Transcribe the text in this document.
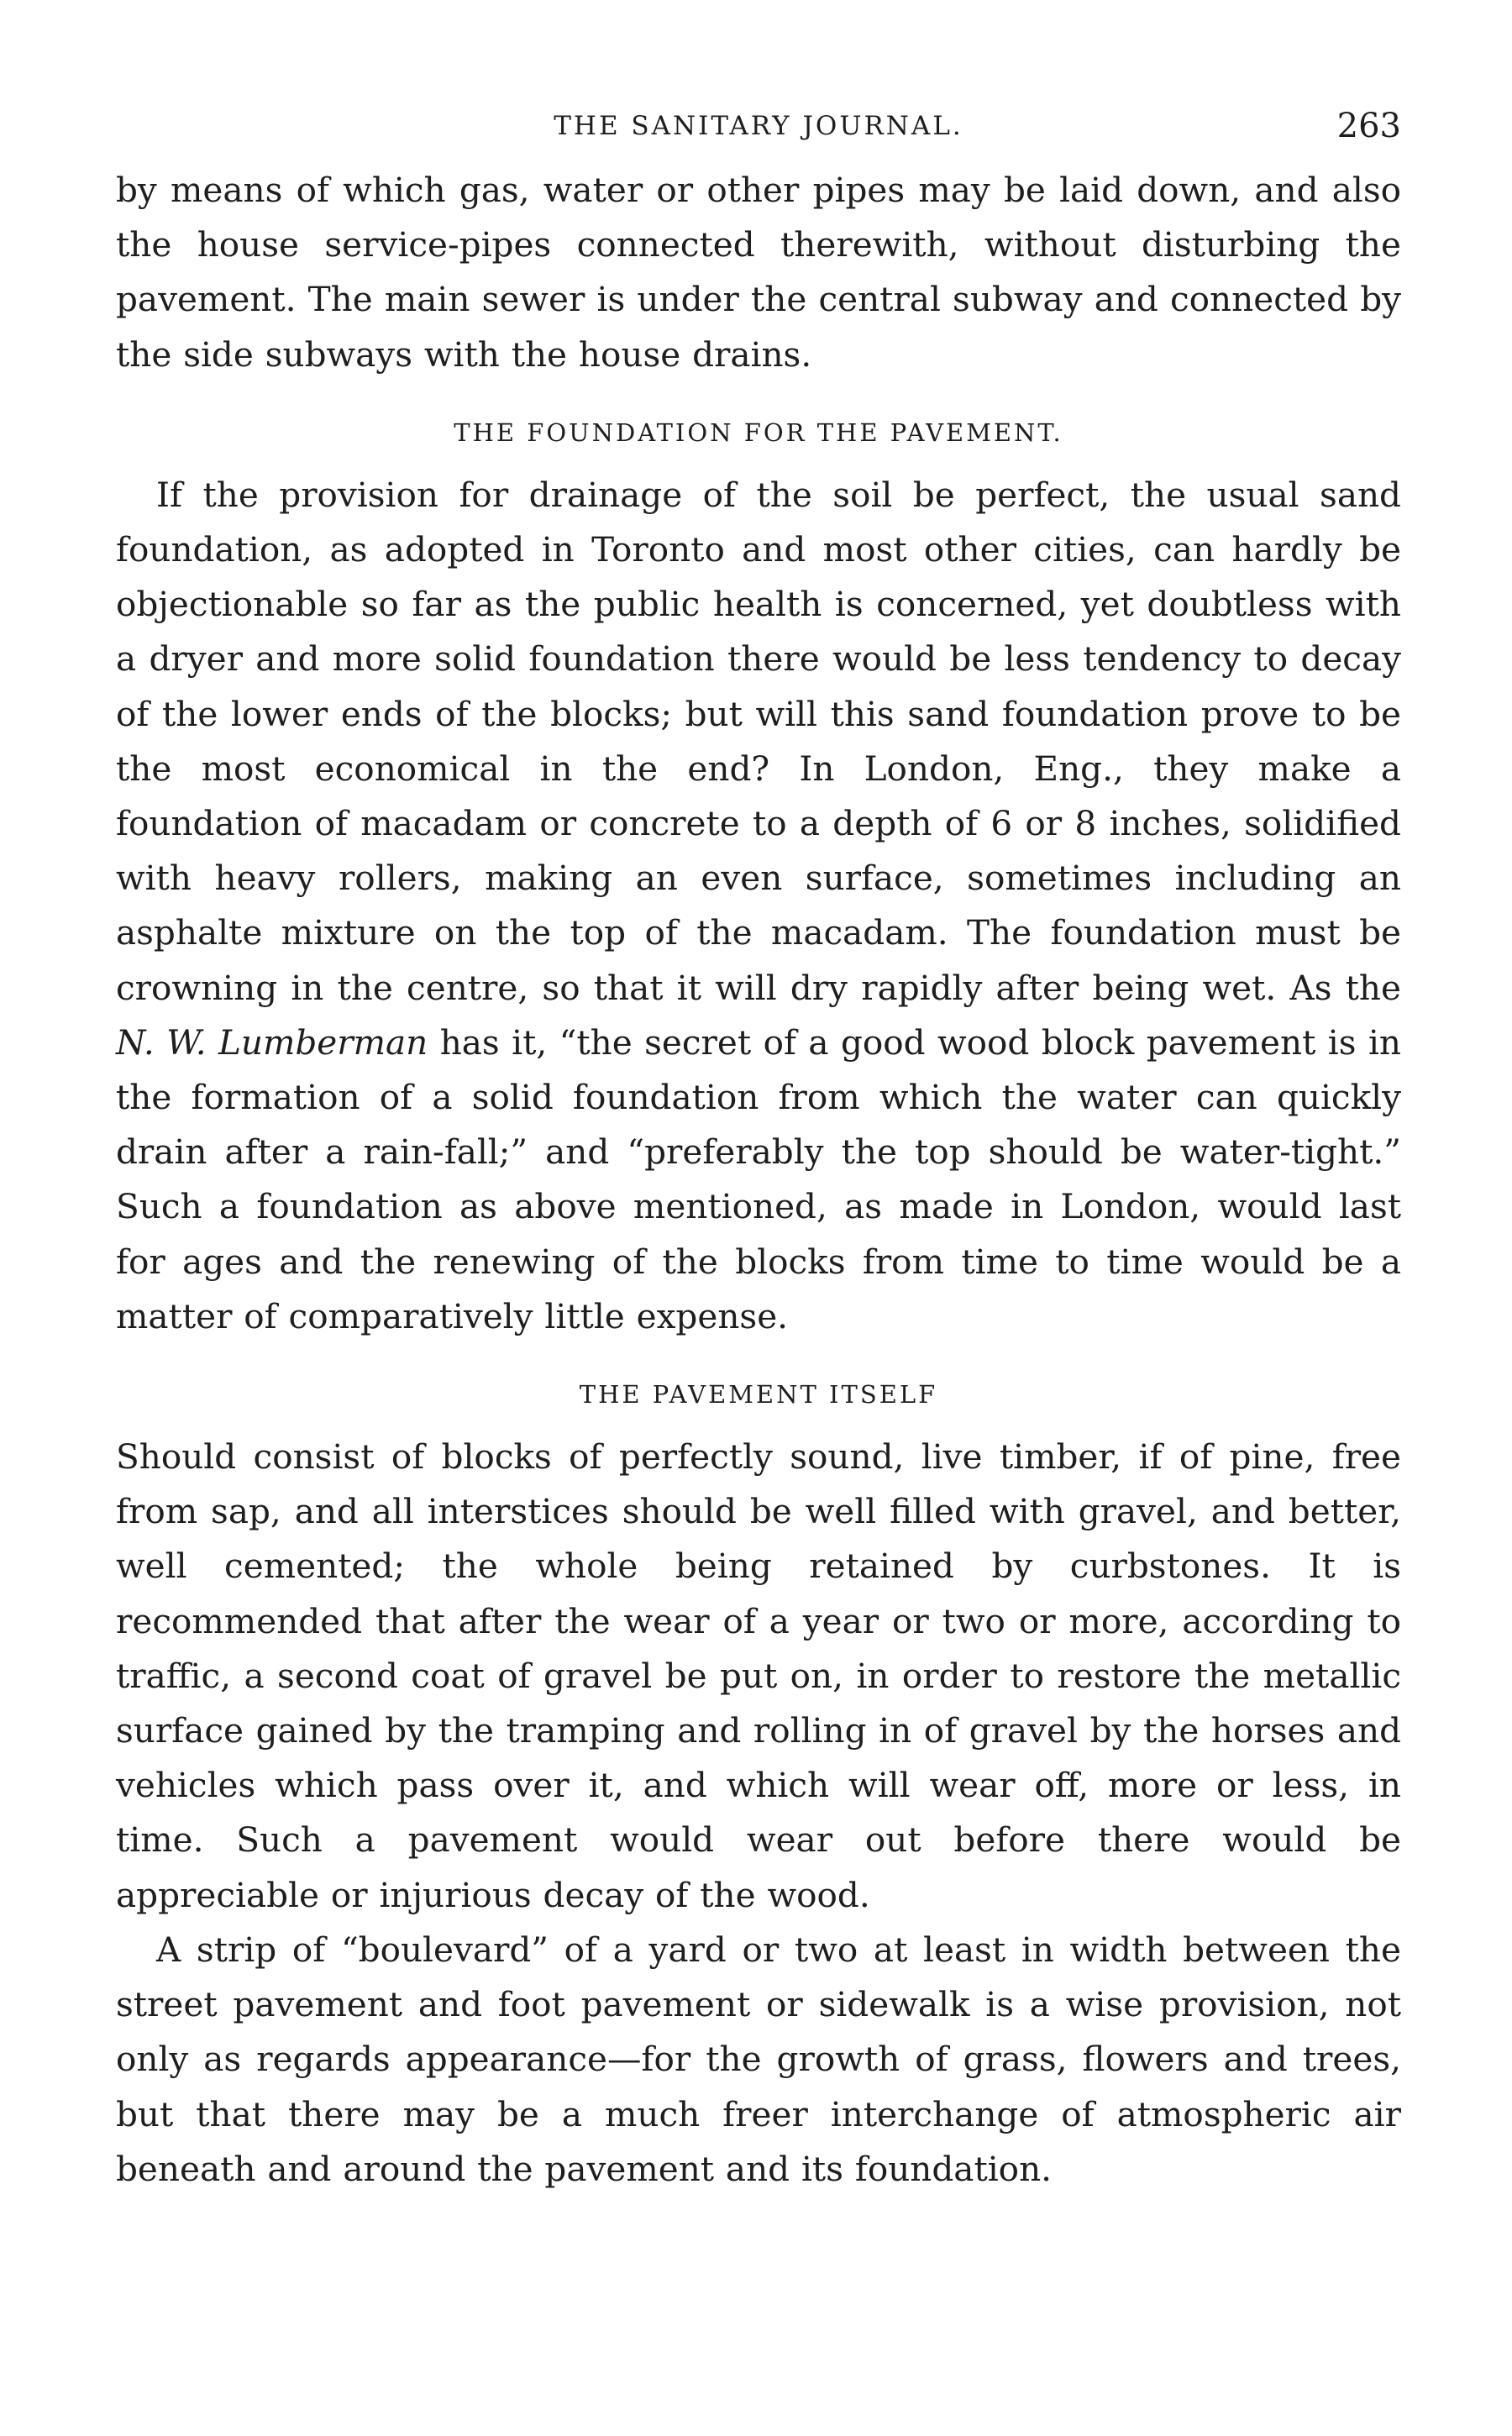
THE SANITARY JOURNAL.	263

by means of which gas, water or other pipes may be laid down, and also the house service-pipes connected therewith, without disturbing the pavement. The main sewer is under the central subway and connected by the side subways with the house drains.

THE FOUNDATION FOR THE PAVEMENT.

If the provision for drainage of the soil be perfect, the usual sand foundation, as adopted in Toronto and most other cities, can hardly be objectionable so far as the public health is concerned, yet doubtless with a dryer and more solid foundation there would be less tendency to decay of the lower ends of the blocks; but will this sand foundation prove to be the most economical in the end? In London, Eng., they make a foundation of macadam or concrete to a depth of 6 or 8 inches, solidified with heavy rollers, making an even surface, sometimes including an asphalte mixture on the top of the macadam. The foundation must be crowning in the centre, so that it will dry rapidly after being wet. As the N. W. Lumberman has it, “the secret of a good wood block pavement is in the formation of a solid foundation from which the water can quickly drain after a rain-fall;” and “preferably the top should be water-tight.” Such a foundation as above mentioned, as made in London, would last for ages and the renewing of the blocks from time to time would be a matter of comparatively little expense.

THE PAVEMENT ITSELF

Should consist of blocks of perfectly sound, live timber, if of pine, free from sap, and all interstices should be well filled with gravel, and better, well cemented; the whole being retained by curbstones. It is recommended that after the wear of a year or two or more, according to traffic, a second coat of gravel be put on, in order to restore the metallic surface gained by the tramping and rolling in of gravel by the horses and vehicles which pass over it, and which will wear off, more or less, in time. Such a pavement would wear out before there would be appreciable or injurious decay of the wood.

A strip of “boulevard” of a yard or two at least in width between the street pavement and foot pavement or sidewalk is a wise provision, not only as regards appearance—for the growth of grass, flowers and trees, but that there may be a much freer interchange of atmospheric air beneath and around the pavement and its foundation.
